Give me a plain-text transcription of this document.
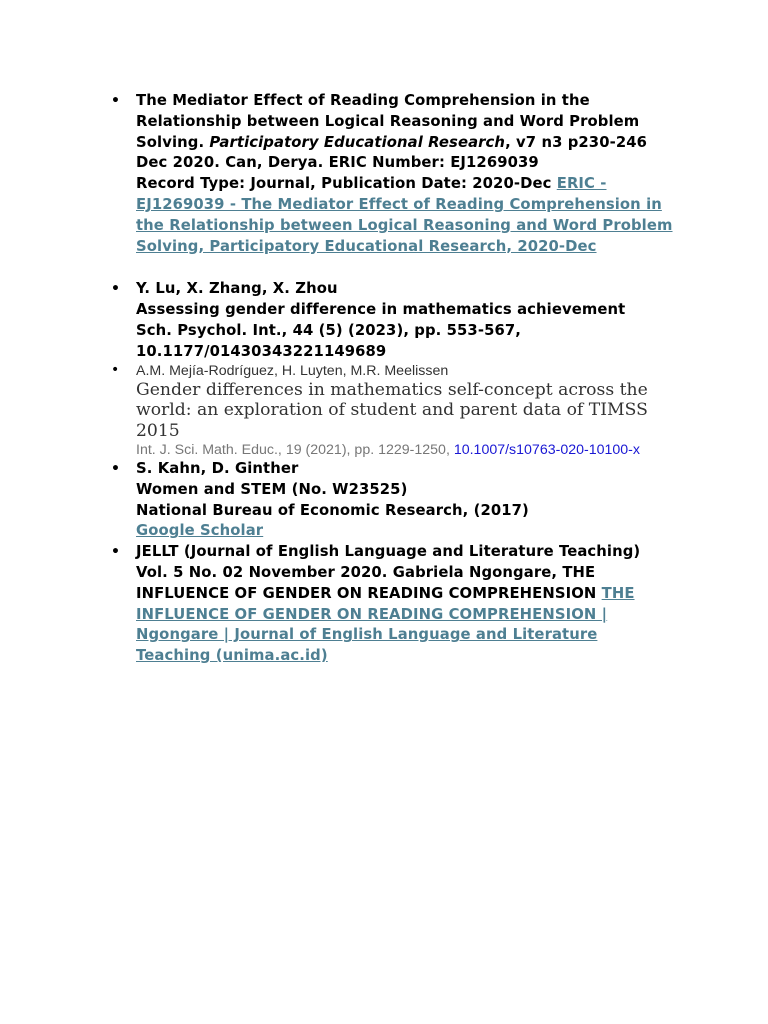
• The Mediator Effect of Reading Comprehension in the
Relationship between Logical Reasoning and Word Problem
Solving. Participatory Educational Research, v7 n3 p230-246
Dec 2020. Can, Derya. ERIC Number: EJ1269039
Record Type: Journal, Publication Date: 2020-Dec ERIC -
EJ1269039 - The Mediator Effect of Reading Comprehension in
the Relationship between Logical Reasoning and Word Problem
Solving, Participatory Educational Research, 2020-Dec
• Y. Lu, X. Zhang, X. Zhou
Assessing gender difference in mathematics achievement
Sch. Psychol. Int., 44 (5) (2023), pp. 553-567,
10.1177/01430343221149689
• A.M. Mejía-Rodríguez, H. Luyten, M.R. Meelissen
Gender differences in mathematics self-concept across the
world: an exploration of student and parent data of TIMSS
2015
Int. J. Sci. Math. Educ., 19 (2021), pp. 1229-1250, 10.1007/s10763-020-10100-x
• S. Kahn, D. Ginther
Women and STEM (No. W23525)
National Bureau of Economic Research, (2017)
Google Scholar
• JELLT (Journal of English Language and Literature Teaching)
Vol. 5 No. 02 November 2020. Gabriela Ngongare, THE
INFLUENCE OF GENDER ON READING COMPREHENSION THE
INFLUENCE OF GENDER ON READING COMPREHENSION |
Ngongare | Journal of English Language and Literature
Teaching (unima.ac.id)
